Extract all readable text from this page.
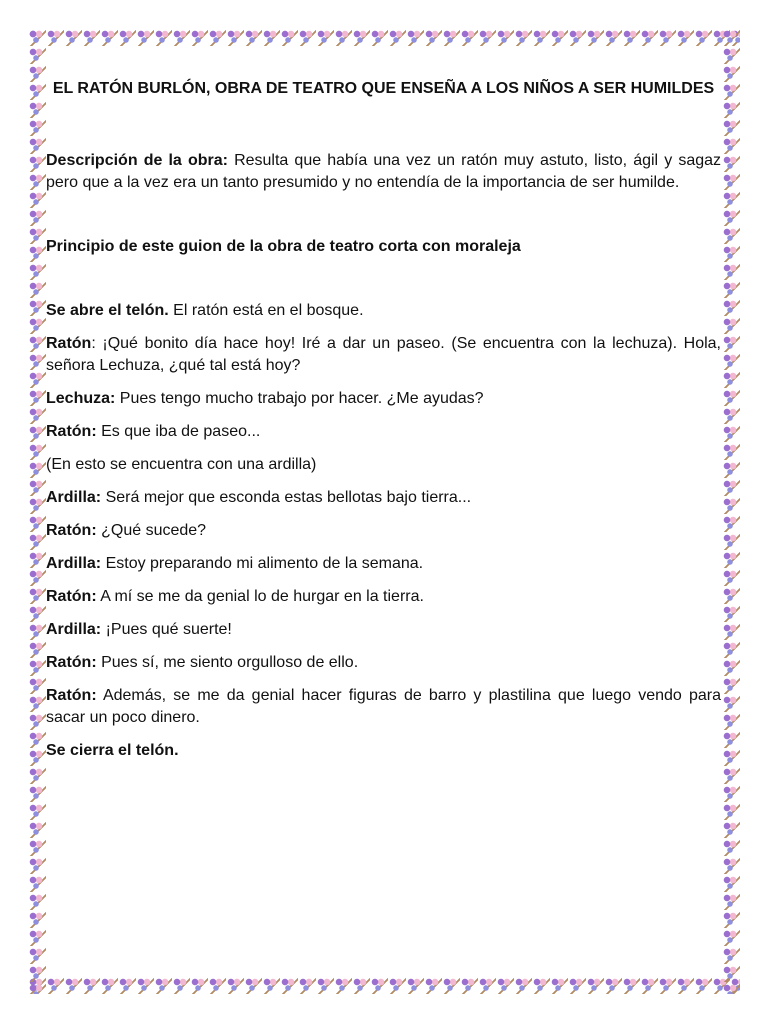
EL RATÓN BURLÓN, OBRA DE TEATRO QUE ENSEÑA A LOS NIÑOS A SER HUMILDES

Descripción de la obra: Resulta que había una vez un ratón muy astuto, listo, ágil y sagaz pero que a la vez era un tanto presumido y no entendía de la importancia de ser humilde.

Principio de este guion de la obra de teatro corta con moraleja

Se abre el telón. El ratón está en el bosque.

Ratón: ¡Qué bonito día hace hoy! Iré a dar un paseo. (Se encuentra con la lechuza). Hola, señora Lechuza, ¿qué tal está hoy?

Lechuza: Pues tengo mucho trabajo por hacer. ¿Me ayudas?

Ratón: Es que iba de paseo...

(En esto se encuentra con una ardilla)

Ardilla: Será mejor que esconda estas bellotas bajo tierra...

Ratón: ¿Qué sucede?

Ardilla: Estoy preparando mi alimento de la semana.

Ratón: A mí se me da genial lo de hurgar en la tierra.

Ardilla: ¡Pues qué suerte!

Ratón: Pues sí, me siento orgulloso de ello.

Ratón: Además, se me da genial hacer figuras de barro y plastilina que luego vendo para sacar un poco dinero.

Se cierra el telón.
